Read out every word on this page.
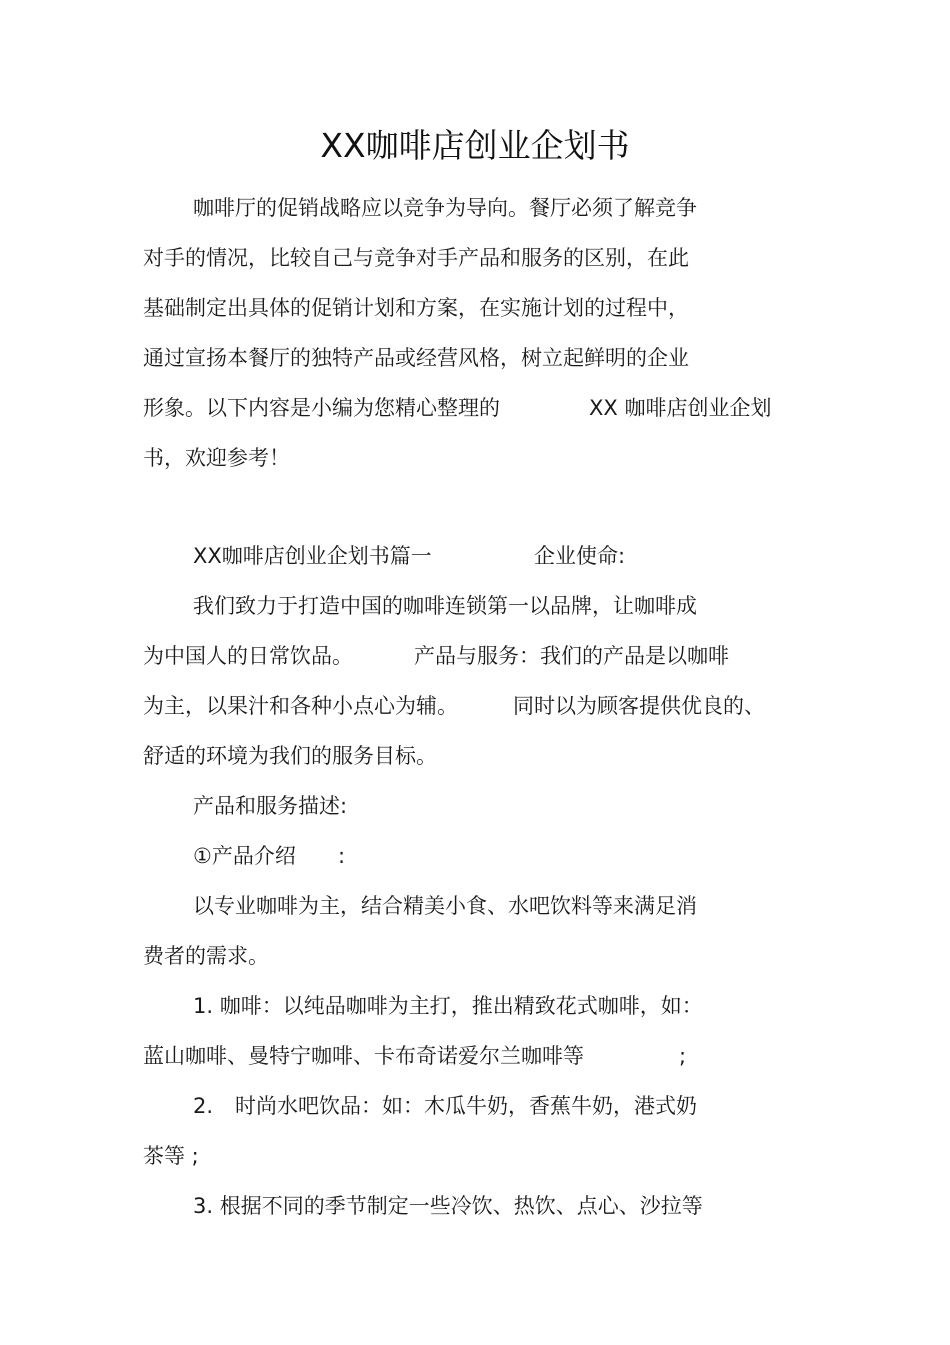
XX咖啡店创业企划书
咖啡厅的促销战略应以竞争为导向。餐厅必须了解竞争
对手的情况，比较自己与竞争对手产品和服务的区别，在此
基础制定出具体的促销计划和方案，在实施计划的过程中，
通过宣扬本餐厅的独特产品或经营风格，树立起鲜明的企业
形象。以下内容是小编为您精心整理的	XX 咖啡店创业企划
书，欢迎参考！
XX咖啡店创业企划书篇一	企业使命:
我们致力于打造中国的咖啡连锁第一以品牌，让咖啡成
为中国人的日常饮品。	产品与服务：我们的产品是以咖啡
为主，以果汁和各种小点心为辅。	同时以为顾客提供优良的、
舒适的环境为我们的服务目标。
产品和服务描述:
①产品介绍 :
以专业咖啡为主，结合精美小食、水吧饮料等来满足消
费者的需求。
1. 咖啡：以纯品咖啡为主打，推出精致花式咖啡，如：
蓝山咖啡、曼特宁咖啡、卡布奇诺爱尔兰咖啡等	;
2. 时尚水吧饮品：如：木瓜牛奶，香蕉牛奶，港式奶
茶等 ;
3. 根据不同的季节制定一些冷饮、热饮、点心、沙拉等
